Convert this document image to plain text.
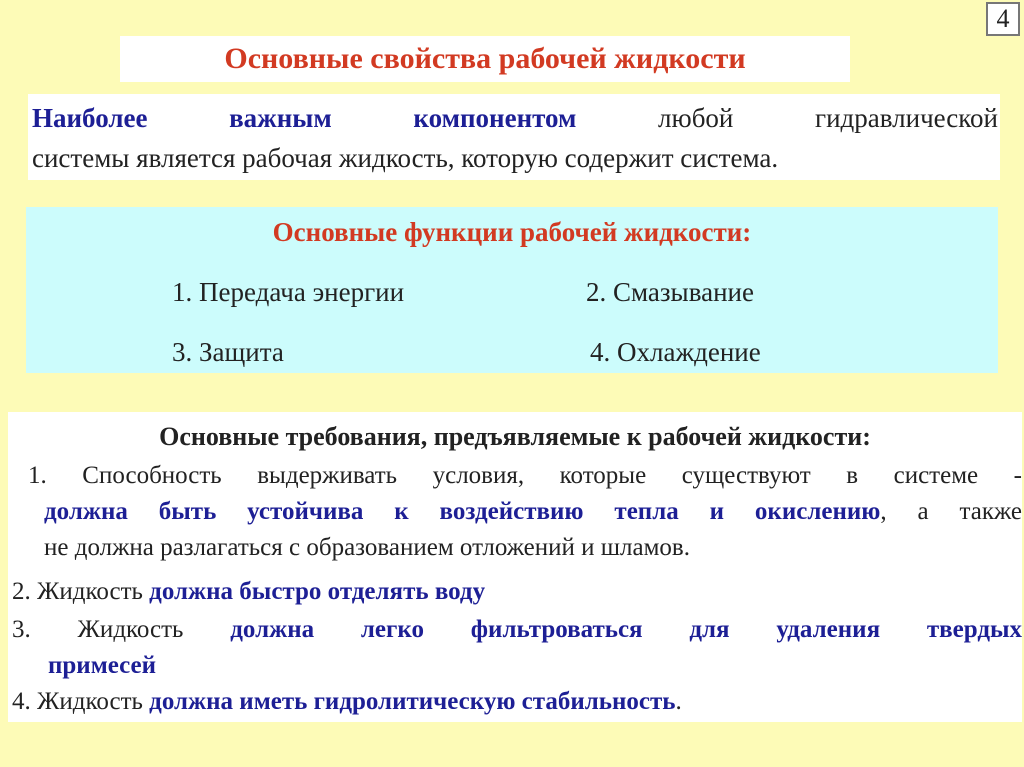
4
Основные свойства рабочей жидкости
Наиболее важным компонентом любой гидравлической
системы является рабочая жидкость, которую содержит система.
Основные функции рабочей жидкости:
1. Передача энергии	2. Смазывание
3. Защита	4. Охлаждение
Основные требования, предъявляемые к рабочей жидкости:
1. Способность выдерживать условия, которые существуют в системе -
должна быть устойчива к воздействию тепла и окислению, а также
не должна разлагаться с образованием отложений и шламов.
2. Жидкость должна быстро отделять воду
3. Жидкость должна легко фильтроваться для удаления твердых
примесей
4. Жидкость должна иметь гидролитическую стабильность.
